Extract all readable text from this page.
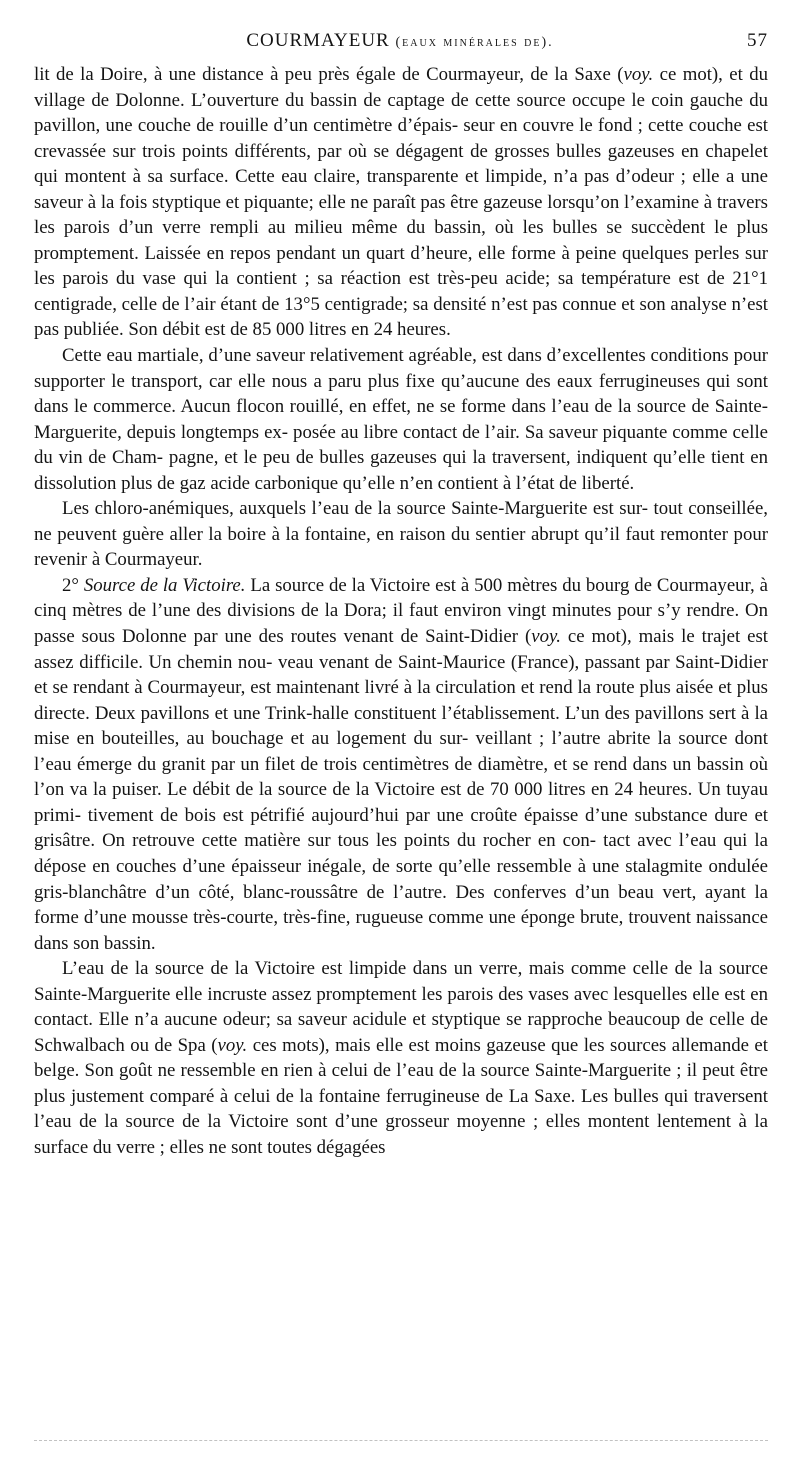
COURMAYEUR (eaux minérales de).	57

lit de la Doire, à une distance à peu près égale de Courmayeur, de la Saxe (voy. ce mot), et du village de Dolonne. L’ouverture du bassin de captage de cette source occupe le coin gauche du pavillon, une couche de rouille d’un centimètre d’épais- seur en couvre le fond ; cette couche est crevassée sur trois points différents, par où se dégagent de grosses bulles gazeuses en chapelet qui montent à sa surface. Cette eau claire, transparente et limpide, n’a pas d’odeur ; elle a une saveur à la fois styptique et piquante; elle ne paraît pas être gazeuse lorsqu’on l’examine à travers les parois d’un verre rempli au milieu même du bassin, où les bulles se succèdent le plus promptement. Laissée en repos pendant un quart d’heure, elle forme à peine quelques perles sur les parois du vase qui la contient ; sa réaction est très-peu acide; sa température est de 21°1 centigrade, celle de l’air étant de 13°5 centigrade; sa densité n’est pas connue et son analyse n’est pas publiée. Son débit est de 85 000 litres en 24 heures.

Cette eau martiale, d’une saveur relativement agréable, est dans d’excellentes conditions pour supporter le transport, car elle nous a paru plus fixe qu’aucune des eaux ferrugineuses qui sont dans le commerce. Aucun flocon rouillé, en effet, ne se forme dans l’eau de la source de Sainte-Marguerite, depuis longtemps ex- posée au libre contact de l’air. Sa saveur piquante comme celle du vin de Cham- pagne, et le peu de bulles gazeuses qui la traversent, indiquent qu’elle tient en dissolution plus de gaz acide carbonique qu’elle n’en contient à l’état de liberté.

Les chloro-anémiques, auxquels l’eau de la source Sainte-Marguerite est sur- tout conseillée, ne peuvent guère aller la boire à la fontaine, en raison du sentier abrupt qu’il faut remonter pour revenir à Courmayeur.

2° Source de la Victoire. La source de la Victoire est à 500 mètres du bourg de Courmayeur, à cinq mètres de l’une des divisions de la Dora; il faut environ vingt minutes pour s’y rendre. On passe sous Dolonne par une des routes venant de Saint-Didier (voy. ce mot), mais le trajet est assez difficile. Un chemin nou- veau venant de Saint-Maurice (France), passant par Saint-Didier et se rendant à Courmayeur, est maintenant livré à la circulation et rend la route plus aisée et plus directe. Deux pavillons et une Trink-halle constituent l’établissement. L’un des pavillons sert à la mise en bouteilles, au bouchage et au logement du sur- veillant ; l’autre abrite la source dont l’eau émerge du granit par un filet de trois centimètres de diamètre, et se rend dans un bassin où l’on va la puiser. Le débit de la source de la Victoire est de 70 000 litres en 24 heures. Un tuyau primi- tivement de bois est pétrifié aujourd’hui par une croûte épaisse d’une substance dure et grisâtre. On retrouve cette matière sur tous les points du rocher en con- tact avec l’eau qui la dépose en couches d’une épaisseur inégale, de sorte qu’elle ressemble à une stalagmite ondulée gris-blanchâtre d’un côté, blanc-roussâtre de l’autre. Des conferves d’un beau vert, ayant la forme d’une mousse très-courte, très-fine, rugueuse comme une éponge brute, trouvent naissance dans son bassin.

L’eau de la source de la Victoire est limpide dans un verre, mais comme celle de la source Sainte-Marguerite elle incruste assez promptement les parois des vases avec lesquelles elle est en contact. Elle n’a aucune odeur; sa saveur acidule et styptique se rapproche beaucoup de celle de Schwalbach ou de Spa (voy. ces mots), mais elle est moins gazeuse que les sources allemande et belge. Son goût ne ressemble en rien à celui de l’eau de la source Sainte-Marguerite ; il peut être plus justement comparé à celui de la fontaine ferrugineuse de La Saxe. Les bulles qui traversent l’eau de la source de la Victoire sont d’une grosseur moyenne ; elles montent lentement à la surface du verre ; elles ne sont toutes dégagées
